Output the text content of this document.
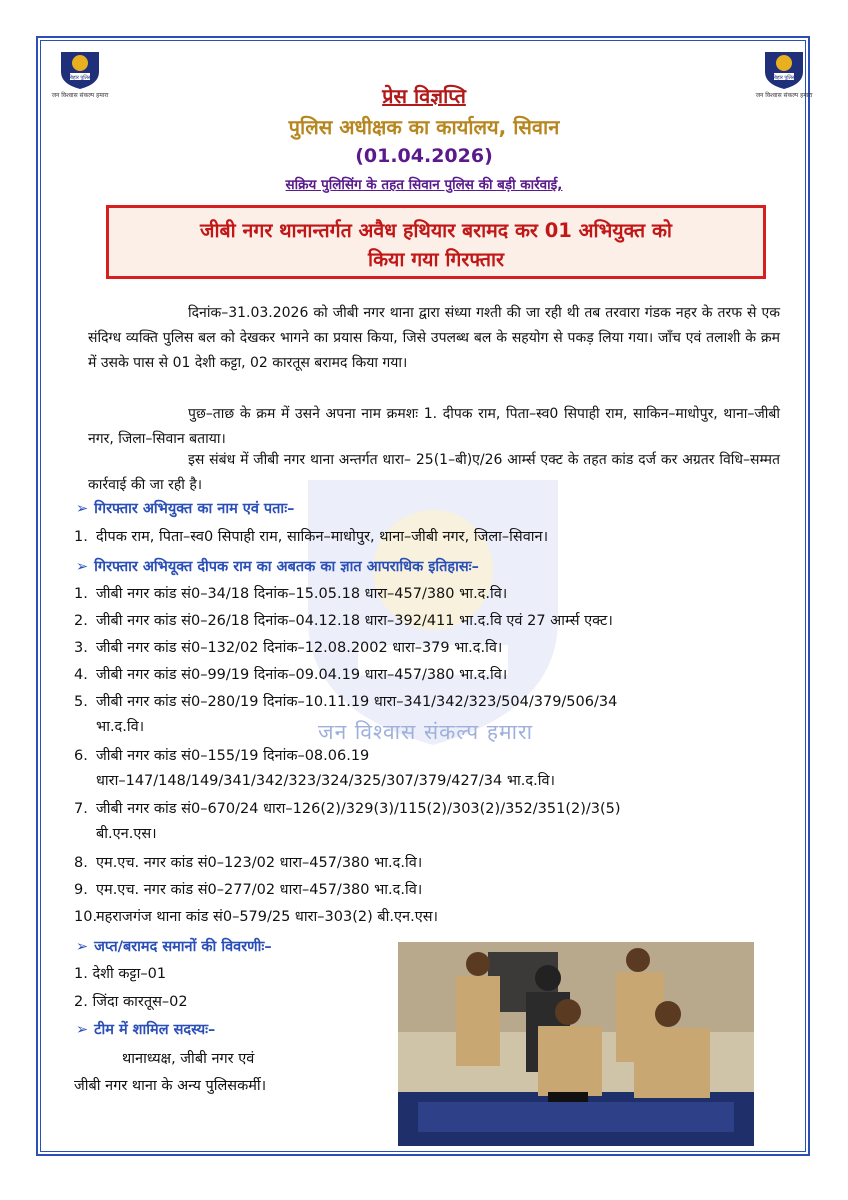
बिहार पुलिस
जन विश्वास संकल्प हमारा
बिहार पुलिस
जन विश्वास संकल्प हमारा
जन विश्वास संकल्प हमारा
प्रेस विज्ञप्ति
पुलिस अधीक्षक का कार्यालय, सिवान
(01.04.2026)
सक्रिय पुलिसिंग के तहत सिवान पुलिस की बड़ी कार्रवाई,
जीबी नगर थानान्तर्गत अवैध हथियार बरामद कर 01 अभियुक्त को
किया गया गिरफ्तार
दिनांक–31.03.2026 को जीबी नगर थाना द्वारा संध्या गश्ती की जा रही थी तब तरवारा गंडक नहर के तरफ से एक संदिग्ध व्यक्ति पुलिस बल को देखकर भागने का प्रयास किया, जिसे उपलब्ध बल के सहयोग से पकड़ लिया गया। जाँच एवं तलाशी के क्रम में उसके पास से 01 देशी कट्टा, 02 कारतूस बरामद किया गया।
पुछ–ताछ के क्रम में उसने अपना नाम क्रमशः 1. दीपक राम, पिता–स्व0 सिपाही राम, साकिन–माधोपुर, थाना–जीबी नगर, जिला–सिवान बताया।
इस संबंध में जीबी नगर थाना अन्तर्गत धारा– 25(1–बी)ए/26 आर्म्स एक्ट के तहत कांड दर्ज कर अग्रतर विधि–सम्मत कार्रवाई की जा रही है।
➢ गिरफ्तार अभियुक्त का नाम एवं पताः–
1. दीपक राम, पिता–स्व0 सिपाही राम, साकिन–माधोपुर, थाना–जीबी नगर, जिला–सिवान।
➢ गिरफ्तार अभियूक्त दीपक राम का अबतक का ज्ञात आपराधिक इतिहासः–
1. जीबी नगर कांड सं0–34/18 दिनांक–15.05.18 धारा–457/380 भा.द.वि।
2. जीबी नगर कांड सं0–26/18 दिनांक–04.12.18 धारा–392/411 भा.द.वि एवं 27 आर्म्स एक्ट।
3. जीबी नगर कांड सं0–132/02 दिनांक–12.08.2002 धारा–379 भा.द.वि।
4. जीबी नगर कांड सं0–99/19 दिनांक–09.04.19 धारा–457/380 भा.द.वि।
5. जीबी नगर कांड सं0–280/19 दिनांक–10.11.19 धारा–341/342/323/504/379/506/34
भा.द.वि।
6. जीबी नगर कांड सं0–155/19 दिनांक–08.06.19
धारा–147/148/149/341/342/323/324/325/307/379/427/34 भा.द.वि।
7. जीबी नगर कांड सं0–670/24 धारा–126(2)/329(3)/115(2)/303(2)/352/351(2)/3(5)
बी.एन.एस।
8. एम.एच. नगर कांड सं0–123/02 धारा–457/380 भा.द.वि।
9. एम.एच. नगर कांड सं0–277/02 धारा–457/380 भा.द.वि।
10.महराजगंज थाना कांड सं0–579/25 धारा–303(2) बी.एन.एस।
➢ जप्त/बरामद समानों की विवरणीः–
1. देशी कट्टा–01
2. जिंदा कारतूस–02
➢ टीम में शामिल सदस्यः–
थानाध्यक्ष, जीबी नगर एवं
जीबी नगर थाना के अन्य पुलिसकर्मी।
